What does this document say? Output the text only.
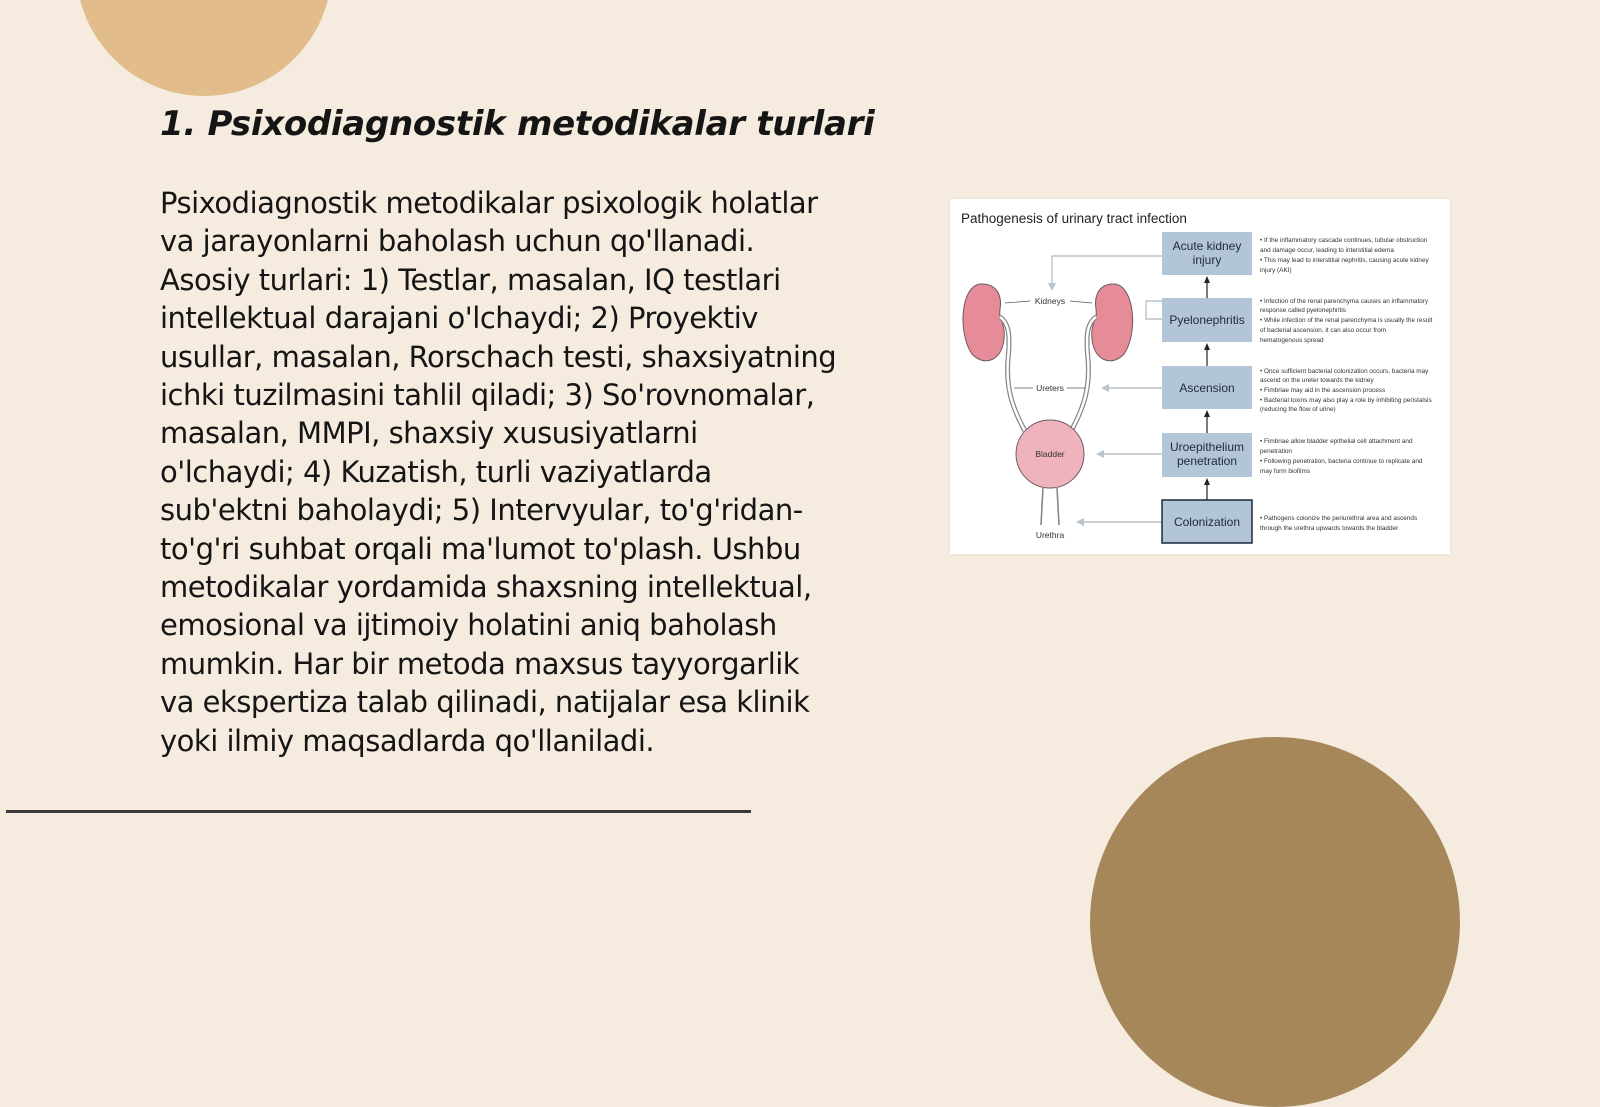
1. Psixodiagnostik metodikalar turlari

Psixodiagnostik metodikalar psixologik holatlar va jarayonlarni baholash uchun qo'llanadi. Asosiy turlari: 1) Testlar, masalan, IQ testlari intellektual darajani o'lchaydi; 2) Proyektiv usullar, masalan, Rorschach testi, shaxsiyatning ichki tuzilmasini tahlil qiladi; 3) So'rovnomalar, masalan, MMPI, shaxsiy xususiyatlarni o'lchaydi; 4) Kuzatish, turli vaziyatlarda sub'ektni baholaydi; 5) Intervyular, to'g'ridan-to'g'ri suhbat orqali ma'lumot to'plash. Ushbu metodikalar yordamida shaxsning intellektual, emosional va ijtimoiy holatini aniq baholash mumkin. Har bir metoda maxsus tayyorgarlik va ekspertiza talab qilinadi, natijalar esa klinik yoki ilmiy maqsadlarda qo'llaniladi.

Pathogenesis of urinary tract infection
Kidneys
Ureters
Bladder
Urethra
Acute kidney
injury
Pyelonephritis
Ascension
Uroepithelium
penetration
Colonization
• If the inflammatory cascade continues, tubular obstruction
and damage occur, leading to interstitial edema
• This may lead to interstitial nephritis, causing acute kidney
injury (AKI)
• Infection of the renal parenchyma causes an inflammatory
response called pyelonephritis
• While infection of the renal parenchyma is usually the result
of bacterial ascension, it can also occur from
hematogenous spread
• Once sufficient bacterial colonization occurs, bacteria may
ascend on the ureter towards the kidney
• Fimbriae may aid in the ascension process
• Bacterial toxins may also play a role by inhibiting peristalsis
(reducing the flow of urine)
• Fimbriae allow bladder epithelial cell attachment and
penetration
• Following penetration, bacteria continue to replicate and
may form biofilms
• Pathogens colonize the periurethral area and ascends
through the urethra upwards towards the bladder
